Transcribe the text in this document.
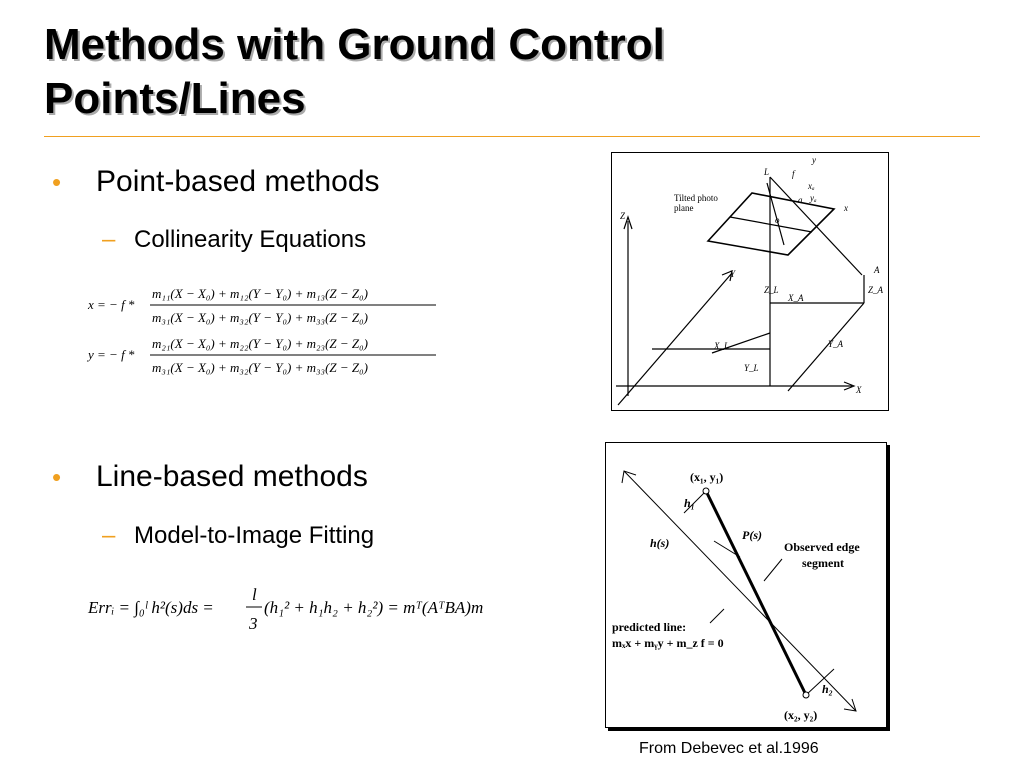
Methods with Ground Control
Points/Lines
• Point-based methods
– Collinearity Equations
x = − f *
m₁₁(X − X₀) + m₁₂(Y − Y₀) + m₁₃(Z − Z₀)
m₃₁(X − X₀) + m₃₂(Y − Y₀) + m₃₃(Z − Z₀)
y = − f *
m₂₁(X − X₀) + m₂₂(Y − Y₀) + m₂₃(Z − Z₀)
m₃₁(X − X₀) + m₃₂(Y − Y₀) + m₃₃(Z − Z₀)
• Line-based methods
– Model-to-Image Fitting
Errᵢ = ∫₀ˡ h²(s)ds =
l
3
(h₁² + h₁h₂ + h₂²) = mᵀ(AᵀBA)m
Tilted photo
plane
Z
Y
X
L	f
y
x
o
a
xₐ
yₐ
A
Z_L
X_A
Z_A
X_L	Y_A
Y_L
(x₁, y₁)
(x₂, y₂)
h₁
h₂
h(s)
P(s)
Observed edge
segment
predicted line:
mₓx + mᵧy + m_z f = 0
From Debevec et al.1996
